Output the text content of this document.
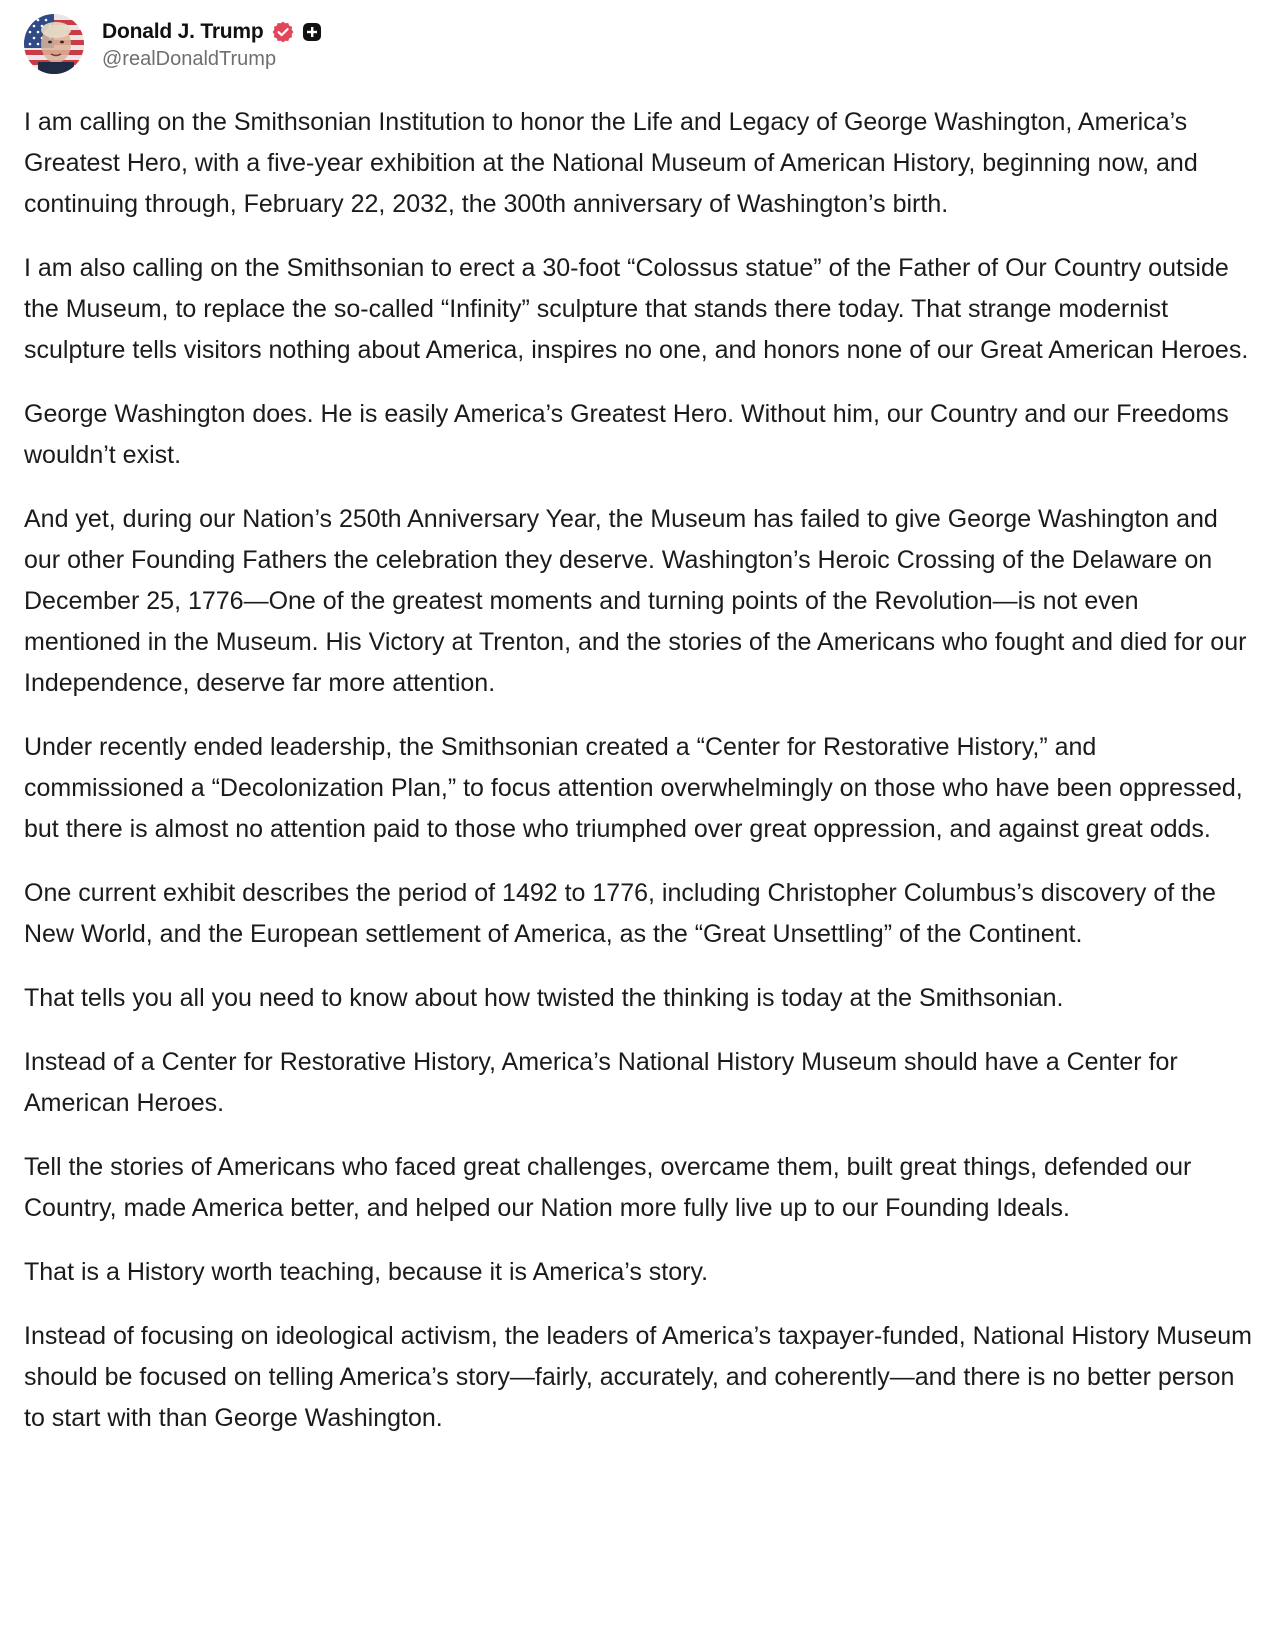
Donald J. Trump
@realDonaldTrump

I am calling on the Smithsonian Institution to honor the Life and Legacy of George Washington, America’s Greatest Hero, with a five-year exhibition at the National Museum of American History, beginning now, and continuing through, February 22, 2032, the 300th anniversary of Washington’s birth.

I am also calling on the Smithsonian to erect a 30-foot “Colossus statue” of the Father of Our Country outside the Museum, to replace the so-called “Infinity” sculpture that stands there today. That strange modernist sculpture tells visitors nothing about America, inspires no one, and honors none of our Great American Heroes.

George Washington does. He is easily America’s Greatest Hero. Without him, our Country and our Freedoms wouldn’t exist.

And yet, during our Nation’s 250th Anniversary Year, the Museum has failed to give George Washington and our other Founding Fathers the celebration they deserve. Washington’s Heroic Crossing of the Delaware on December 25, 1776—One of the greatest moments and turning points of the Revolution—is not even mentioned in the Museum. His Victory at Trenton, and the stories of the Americans who fought and died for our Independence, deserve far more attention.

Under recently ended leadership, the Smithsonian created a “Center for Restorative History,” and commissioned a “Decolonization Plan,” to focus attention overwhelmingly on those who have been oppressed, but there is almost no attention paid to those who triumphed over great oppression, and against great odds.

One current exhibit describes the period of 1492 to 1776, including Christopher Columbus’s discovery of the New World, and the European settlement of America, as the “Great Unsettling” of the Continent.

That tells you all you need to know about how twisted the thinking is today at the Smithsonian.

Instead of a Center for Restorative History, America’s National History Museum should have a Center for American Heroes.

Tell the stories of Americans who faced great challenges, overcame them, built great things, defended our Country, made America better, and helped our Nation more fully live up to our Founding Ideals.

That is a History worth teaching, because it is America’s story.

Instead of focusing on ideological activism, the leaders of America’s taxpayer-funded, National History Museum should be focused on telling America’s story—fairly, accurately, and coherently—and there is no better person to start with than George Washington.
